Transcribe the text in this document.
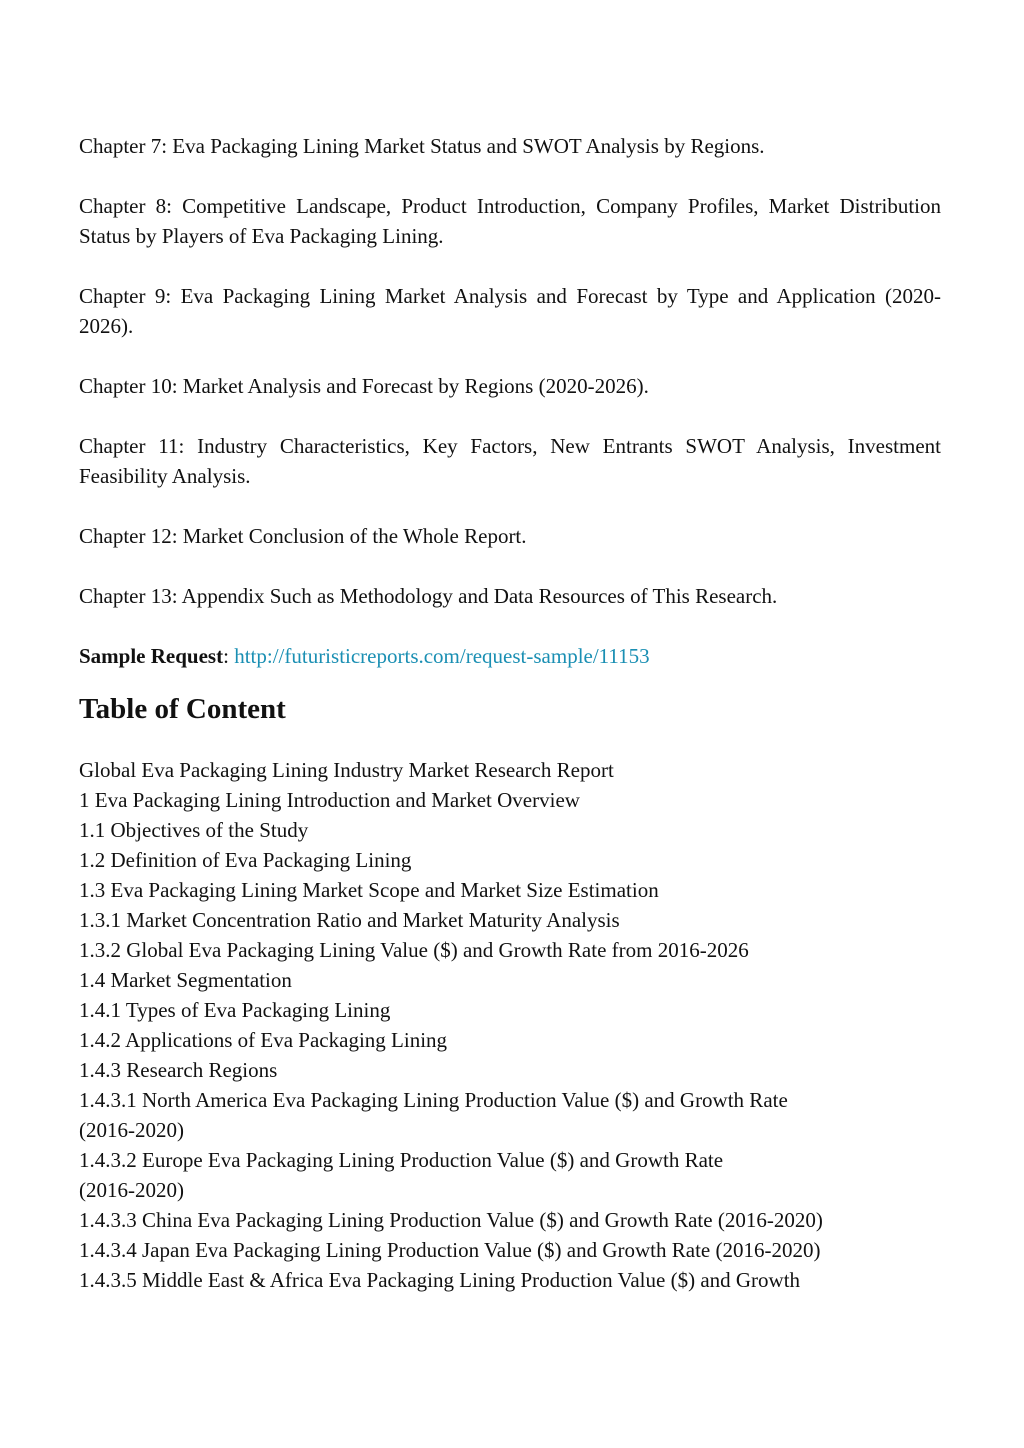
Chapter 7: Eva Packaging Lining Market Status and SWOT Analysis by Regions.

Chapter 8: Competitive Landscape, Product Introduction, Company Profiles, Market Distribution Status by Players of Eva Packaging Lining.

Chapter 9: Eva Packaging Lining Market Analysis and Forecast by Type and Application (2020-2026).

Chapter 10: Market Analysis and Forecast by Regions (2020-2026).

Chapter 11: Industry Characteristics, Key Factors, New Entrants SWOT Analysis, Investment Feasibility Analysis.

Chapter 12: Market Conclusion of the Whole Report.

Chapter 13: Appendix Such as Methodology and Data Resources of This Research.

Sample Request: http://futuristicreports.com/request-sample/11153

Table of Content

Global Eva Packaging Lining Industry Market Research Report

1 Eva Packaging Lining Introduction and Market Overview

1.1 Objectives of the Study

1.2 Definition of Eva Packaging Lining

1.3 Eva Packaging Lining Market Scope and Market Size Estimation

1.3.1 Market Concentration Ratio and Market Maturity Analysis

1.3.2 Global Eva Packaging Lining Value ($) and Growth Rate from 2016-2026

1.4 Market Segmentation

1.4.1 Types of Eva Packaging Lining

1.4.2 Applications of Eva Packaging Lining

1.4.3 Research Regions

1.4.3.1 North America Eva Packaging Lining Production Value ($) and Growth Rate

(2016-2020)

1.4.3.2 Europe Eva Packaging Lining Production Value ($) and Growth Rate

(2016-2020)

1.4.3.3 China Eva Packaging Lining Production Value ($) and Growth Rate (2016-2020)

1.4.3.4 Japan Eva Packaging Lining Production Value ($) and Growth Rate (2016-2020)

1.4.3.5 Middle East & Africa Eva Packaging Lining Production Value ($) and Growth
